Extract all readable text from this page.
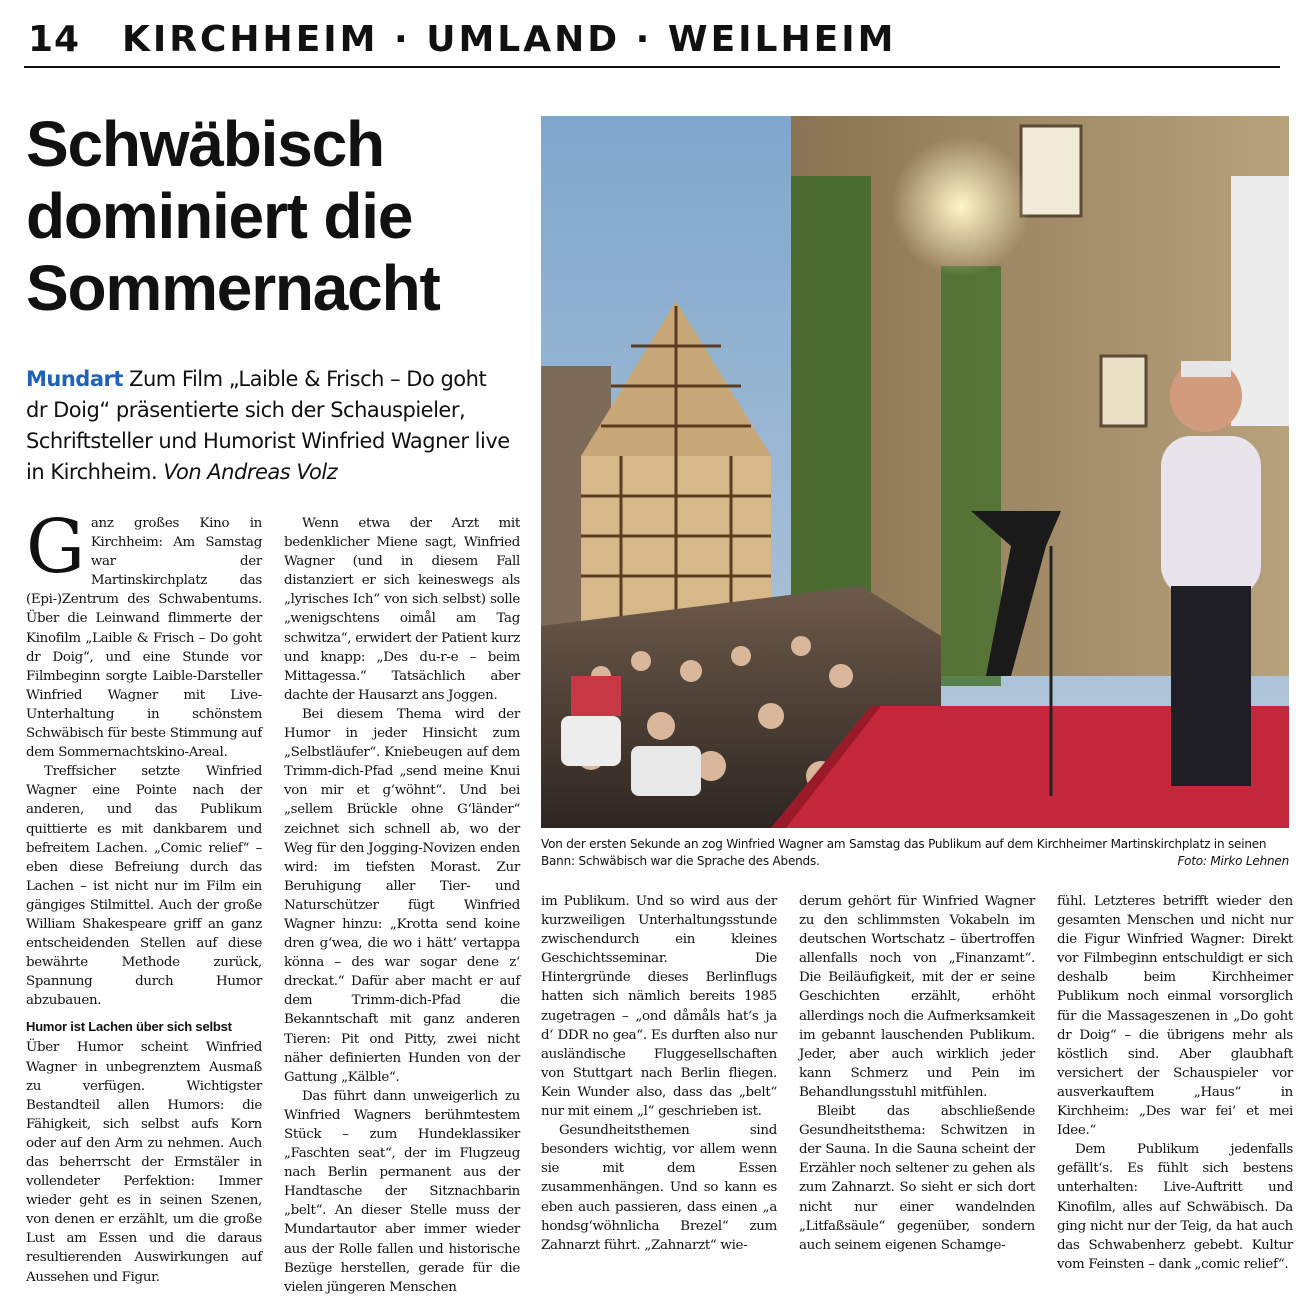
14 KIRCHHEIM · UMLAND · WEILHEIM
Schwäbisch
dominiert die
Sommernacht

Mundart Zum Film „Laible & Frisch – Do goht dr Doig“ präsentierte sich der Schauspieler, Schriftsteller und Humorist Winfried Wagner live in Kirchheim. Von Andreas Volz

Ganz großes Kino in Kirchheim: Am Samstag war der Martinskirchplatz das (Epi-)Zentrum des Schwabentums. Über die Leinwand flimmerte der Kinofilm „Laible & Frisch – Do goht dr Doig“, und eine Stunde vor Filmbeginn sorgte Laible-Darsteller Winfried Wagner mit Live-Unterhaltung in schönstem Schwäbisch für beste Stimmung auf dem Sommernachtskino-Areal.

Treffsicher setzte Winfried Wagner eine Pointe nach der anderen, und das Publikum quittierte es mit dankbarem und befreitem Lachen. „Comic relief“ – eben diese Befreiung durch das Lachen – ist nicht nur im Film ein gängiges Stilmittel. Auch der große William Shakespeare griff an ganz entscheidenden Stellen auf diese bewährte Methode zurück, Spannung durch Humor abzubauen.

Humor ist Lachen über sich selbst

Über Humor scheint Winfried Wagner in unbegrenztem Ausmaß zu verfügen. Wichtigster Bestandteil allen Humors: die Fähigkeit, sich selbst aufs Korn oder auf den Arm zu nehmen. Auch das beherrscht der Ermstäler in vollendeter Perfektion: Immer wieder geht es in seinen Szenen, von denen er erzählt, um die große Lust am Essen und die daraus resultierenden Auswirkungen auf Aussehen und Figur.

Wenn etwa der Arzt mit bedenklicher Miene sagt, Winfried Wagner (und in diesem Fall distanziert er sich keineswegs als „lyrisches Ich“ von sich selbst) solle „wenigschtens oimål am Tag schwitza“, erwidert der Patient kurz und knapp: „Des du-r-e – beim Mittagessa.“ Tatsächlich aber dachte der Hausarzt ans Joggen.

Bei diesem Thema wird der Humor in jeder Hinsicht zum „Selbstläufer“. Kniebeugen auf dem Trimm-dich-Pfad „send meine Knui von mir et g‘wöhnt“. Und bei „sellem Brückle ohne G‘länder“ zeichnet sich schnell ab, wo der Weg für den Jogging-Novizen enden wird: im tiefsten Morast. Zur Beruhigung aller Tier- und Naturschützer fügt Winfried Wagner hinzu: „Krotta send koine dren g‘wea, die wo i hätt‘ vertappa könna – des war sogar dene z‘ dreckat.“ Dafür aber macht er auf dem Trimm-dich-Pfad die Bekanntschaft mit ganz anderen Tieren: Pit ond Pitty, zwei nicht näher definierten Hunden von der Gattung „Kälble“.

Das führt dann unweigerlich zu Winfried Wagners berühmtestem Stück – zum Hundeklassiker „Faschten seat“, der im Flugzeug nach Berlin permanent aus der Handtasche der Sitznachbarin „belt“. An dieser Stelle muss der Mundartautor aber immer wieder aus der Rolle fallen und historische Bezüge herstellen, gerade für die vielen jüngeren Menschen

Von der ersten Sekunde an zog Winfried Wagner am Samstag das Publikum auf dem Kirchheimer Martinskirchplatz in seinen Bann: Schwäbisch war die Sprache des Abends.	Foto: Mirko Lehnen

im Publikum. Und so wird aus der kurzweiligen Unterhaltungsstunde zwischendurch ein kleines Geschichtsseminar. Die Hintergründe dieses Berlinflugs hatten sich nämlich bereits 1985 zugetragen – „ond dåmåls hat‘s ja d‘ DDR no gea“. Es durften also nur ausländische Fluggesellschaften von Stuttgart nach Berlin fliegen. Kein Wunder also, dass das „belt“ nur mit einem „l“ geschrieben ist.

Gesundheitsthemen sind besonders wichtig, vor allem wenn sie mit dem Essen zusammenhängen. Und so kann es eben auch passieren, dass einen „a hondsg‘wöhnlicha Brezel“ zum Zahnarzt führt. „Zahnarzt“ wie-

derum gehört für Winfried Wagner zu den schlimmsten Vokabeln im deutschen Wortschatz – übertroffen allenfalls noch von „Finanzamt“. Die Beiläufigkeit, mit der er seine Geschichten erzählt, erhöht allerdings noch die Aufmerksamkeit im gebannt lauschenden Publikum. Jeder, aber auch wirklich jeder kann Schmerz und Pein im Behandlungsstuhl mitfühlen.

Bleibt das abschließende Gesundheitsthema: Schwitzen in der Sauna. In die Sauna scheint der Erzähler noch seltener zu gehen als zum Zahnarzt. So sieht er sich dort nicht nur einer wandelnden „Litfaßsäule“ gegenüber, sondern auch seinem eigenen Schamge-

fühl. Letzteres betrifft wieder den gesamten Menschen und nicht nur die Figur Winfried Wagner: Direkt vor Filmbeginn entschuldigt er sich deshalb beim Kirchheimer Publikum noch einmal vorsorglich für die Massageszenen in „Do goht dr Doig“ – die übrigens mehr als köstlich sind. Aber glaubhaft versichert der Schauspieler vor ausverkauftem „Haus“ in Kirchheim: „Des war fei‘ et mei Idee.“

Dem Publikum jedenfalls gefällt‘s. Es fühlt sich bestens unterhalten: Live-Auftritt und Kinofilm, alles auf Schwäbisch. Da ging nicht nur der Teig, da hat auch das Schwabenherz gebebt. Kultur vom Feinsten – dank „comic relief“.
